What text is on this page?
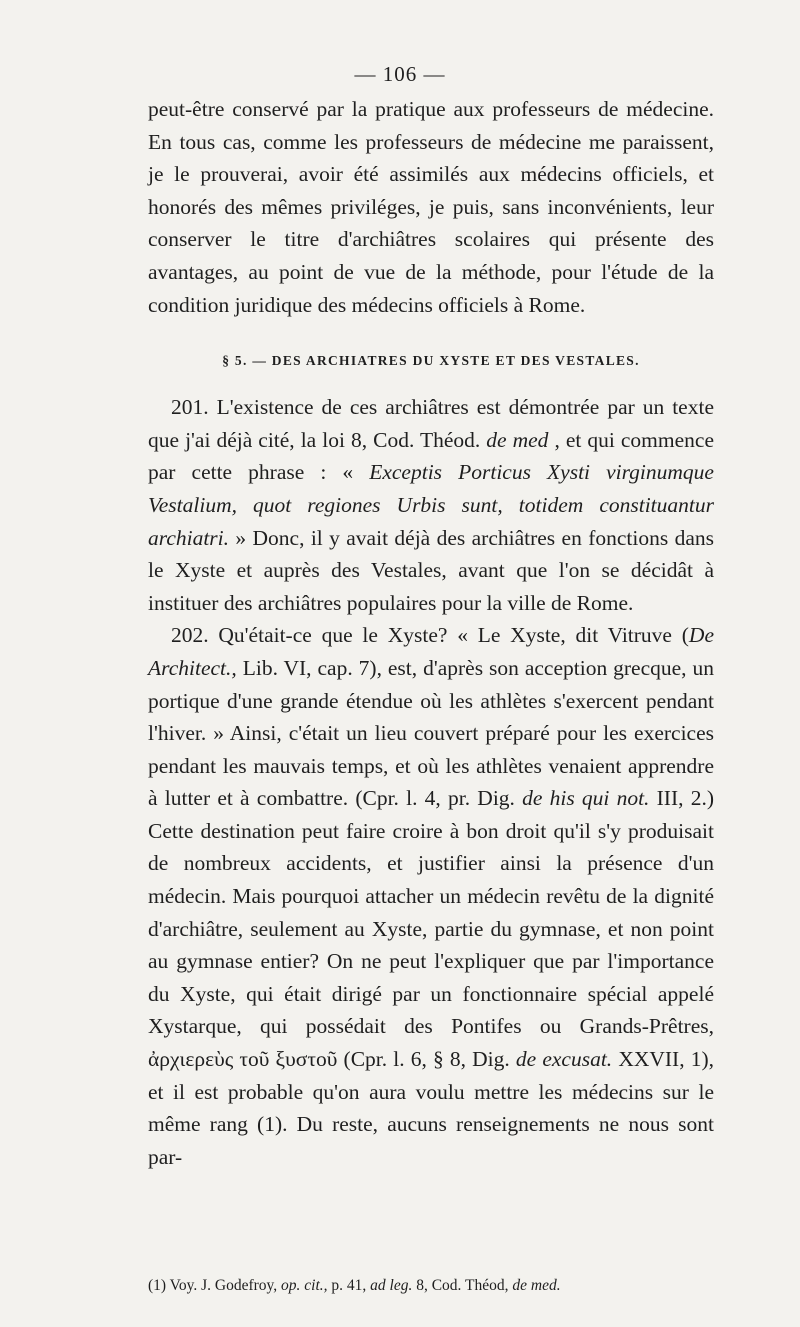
— 106 —

peut-être conservé par la pratique aux professeurs de médecine. En tous cas, comme les professeurs de médecine me paraissent, je le prouverai, avoir été assimilés aux médecins officiels, et honorés des mêmes priviléges, je puis, sans inconvénients, leur conserver le titre d'archiâtres scolaires qui présente des avantages, au point de vue de la méthode, pour l'étude de la condition juridique des médecins officiels à Rome.

§ 5. — DES ARCHIATRES DU XYSTE ET DES VESTALES.

201. L'existence de ces archiâtres est démontrée par un texte que j'ai déjà cité, la loi 8, Cod. Théod. de med , et qui commence par cette phrase : « Exceptis Porticus Xysti virginumque Vestalium, quot regiones Urbis sunt, totidem constituantur archiatri. » Donc, il y avait déjà des archiâtres en fonctions dans le Xyste et auprès des Vestales, avant que l'on se décidât à instituer des archiâtres populaires pour la ville de Rome.

202. Qu'était-ce que le Xyste? « Le Xyste, dit Vitruve (De Architect., Lib. VI, cap. 7), est, d'après son acception grecque, un portique d'une grande étendue où les athlètes s'exercent pendant l'hiver. » Ainsi, c'était un lieu couvert préparé pour les exercices pendant les mauvais temps, et où les athlètes venaient apprendre à lutter et à combattre. (Cpr. l. 4, pr. Dig. de his qui not. III, 2.) Cette destination peut faire croire à bon droit qu'il s'y produisait de nombreux accidents, et justifier ainsi la présence d'un médecin. Mais pourquoi attacher un médecin revêtu de la dignité d'archiâtre, seulement au Xyste, partie du gymnase, et non point au gymnase entier? On ne peut l'expliquer que par l'importance du Xyste, qui était dirigé par un fonctionnaire spécial appelé Xystarque, qui possédait des Pontifes ou Grands-Prêtres, ἀρχιερεὺς τοῦ ξυστοῦ (Cpr. l. 6, § 8, Dig. de excusat. XXVII, 1), et il est probable qu'on aura voulu mettre les médecins sur le même rang (1). Du reste, aucuns renseignements ne nous sont par-

(1) Voy. J. Godefroy, op. cit., p. 41, ad leg. 8, Cod. Théod, de med.
